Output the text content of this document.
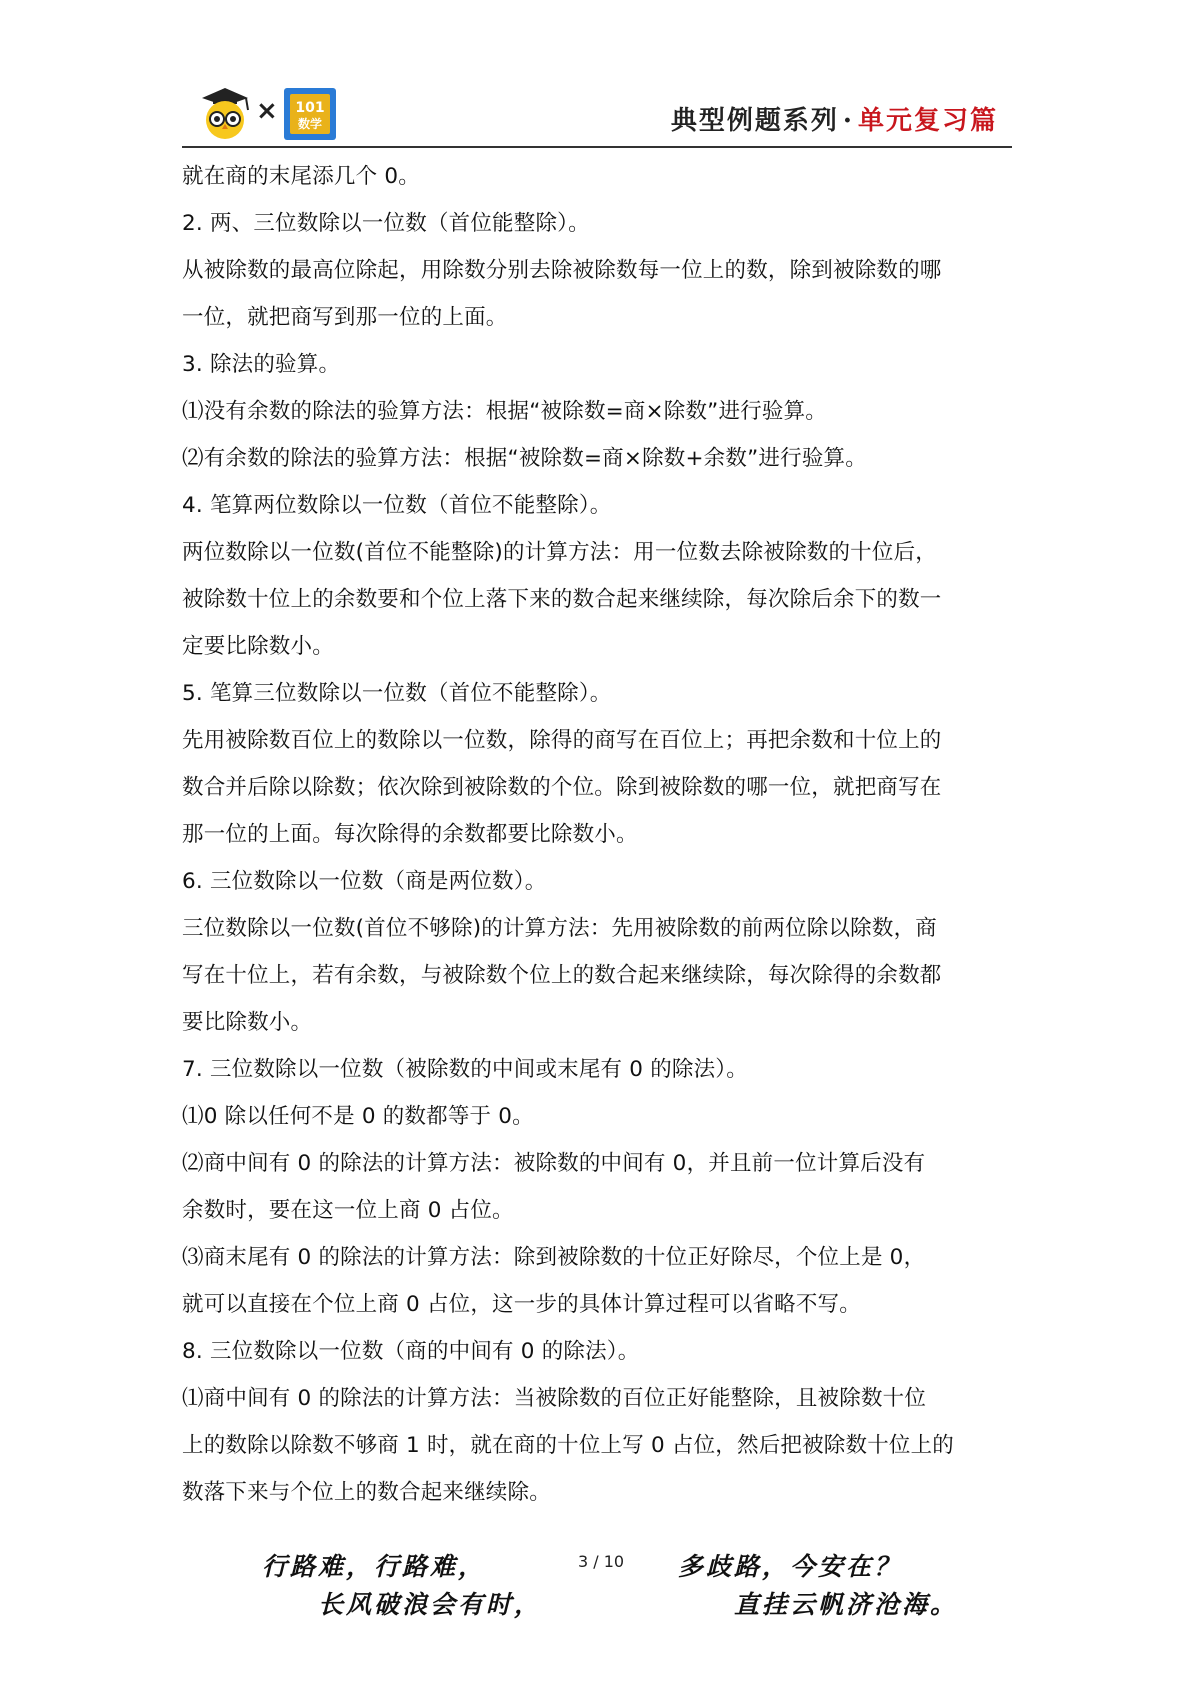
× 101
数学	典型例题系列 · 单元复习篇
就在商的末尾添几个 0。
2. 两、三位数除以一位数（首位能整除）。
从被除数的最高位除起，用除数分别去除被除数每一位上的数，除到被除数的哪
一位，就把商写到那一位的上面。
3. 除法的验算。
⑴没有余数的除法的验算方法：根据“被除数=商×除数”进行验算。
⑵有余数的除法的验算方法：根据“被除数=商×除数+余数”进行验算。
4. 笔算两位数除以一位数（首位不能整除）。
两位数除以一位数(首位不能整除)的计算方法：用一位数去除被除数的十位后，
被除数十位上的余数要和个位上落下来的数合起来继续除，每次除后余下的数一
定要比除数小。
5. 笔算三位数除以一位数（首位不能整除）。
先用被除数百位上的数除以一位数，除得的商写在百位上；再把余数和十位上的
数合并后除以除数；依次除到被除数的个位。除到被除数的哪一位，就把商写在
那一位的上面。每次除得的余数都要比除数小。
6. 三位数除以一位数（商是两位数）。
三位数除以一位数(首位不够除)的计算方法：先用被除数的前两位除以除数，商
写在十位上，若有余数，与被除数个位上的数合起来继续除，每次除得的余数都
要比除数小。
7. 三位数除以一位数（被除数的中间或末尾有 0 的除法）。
⑴0 除以任何不是 0 的数都等于 0。
⑵商中间有 0 的除法的计算方法：被除数的中间有 0，并且前一位计算后没有
余数时，要在这一位上商 0 占位。
⑶商末尾有 0 的除法的计算方法：除到被除数的十位正好除尽，个位上是 0，
就可以直接在个位上商 0 占位，这一步的具体计算过程可以省略不写。
8. 三位数除以一位数（商的中间有 0 的除法）。
⑴商中间有 0 的除法的计算方法：当被除数的百位正好能整除，且被除数十位
上的数除以除数不够商 1 时，就在商的十位上写 0 占位，然后把被除数十位上的
数落下来与个位上的数合起来继续除。
行路难，行路难，
长风破浪会有时，
3 / 10 多歧路，今安在？
直挂云帆济沧海。
